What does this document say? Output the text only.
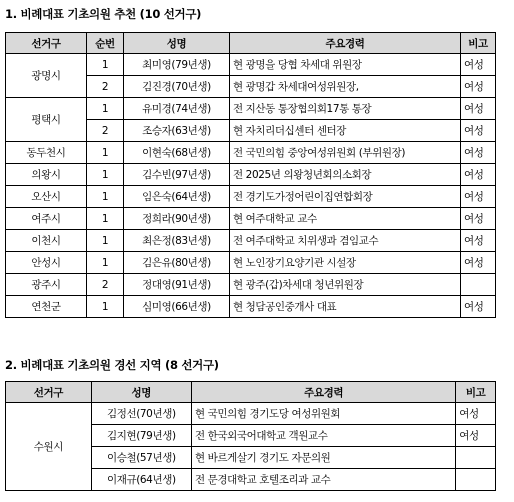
1. 비례대표 기초의원 추천 (10 선거구)
선거구	순번	성명	주요경력	비고
광명시	1	최미영(79년생)	현 광명을 당협 차세대 위원장	여성
	2	김진경(70년생)	현 광명갑 차세대여성위원장,	여성
평택시	1	유미경(74년생)	전 지산동 통장협의회17통 통장	여성
	2	조승자(63년생)	현 자치리더십센터 센터장	여성
동두천시	1	이현숙(68년생)	전 국민의힘 중앙여성위원회 (부위원장)	여성
의왕시	1	김수빈(97년생)	전 2025년 의왕청년회의소회장	여성
오산시	1	임은숙(64년생)	전 경기도가정어린이집연합회장	여성
여주시	1	정희라(90년생)	현 여주대학교 교수	여성
이천시	1	최은정(83년생)	전 여주대학교 치위생과 겸임교수	여성
안성시	1	김은유(80년생)	현 노인장기요양기관 시설장	여성
광주시	2	정대영(91년생)	현 광주(갑)차세대 청년위원장	
연천군	1	심미영(66년생)	현 청담공인중개사 대표	여성
2. 비례대표 기초의원 경선 지역 (8 선거구)
선거구	성명	주요경력	비고
수원시	김정선(70년생)	현 국민의힘 경기도당 여성위원회	여성
	김지현(79년생)	전 한국외국어대학교 객원교수	여성
	이승철(57년생)	현 바르게살기 경기도 자문의원	
	이재규(64년생)	전 문경대학교 호텔조리과 교수	
